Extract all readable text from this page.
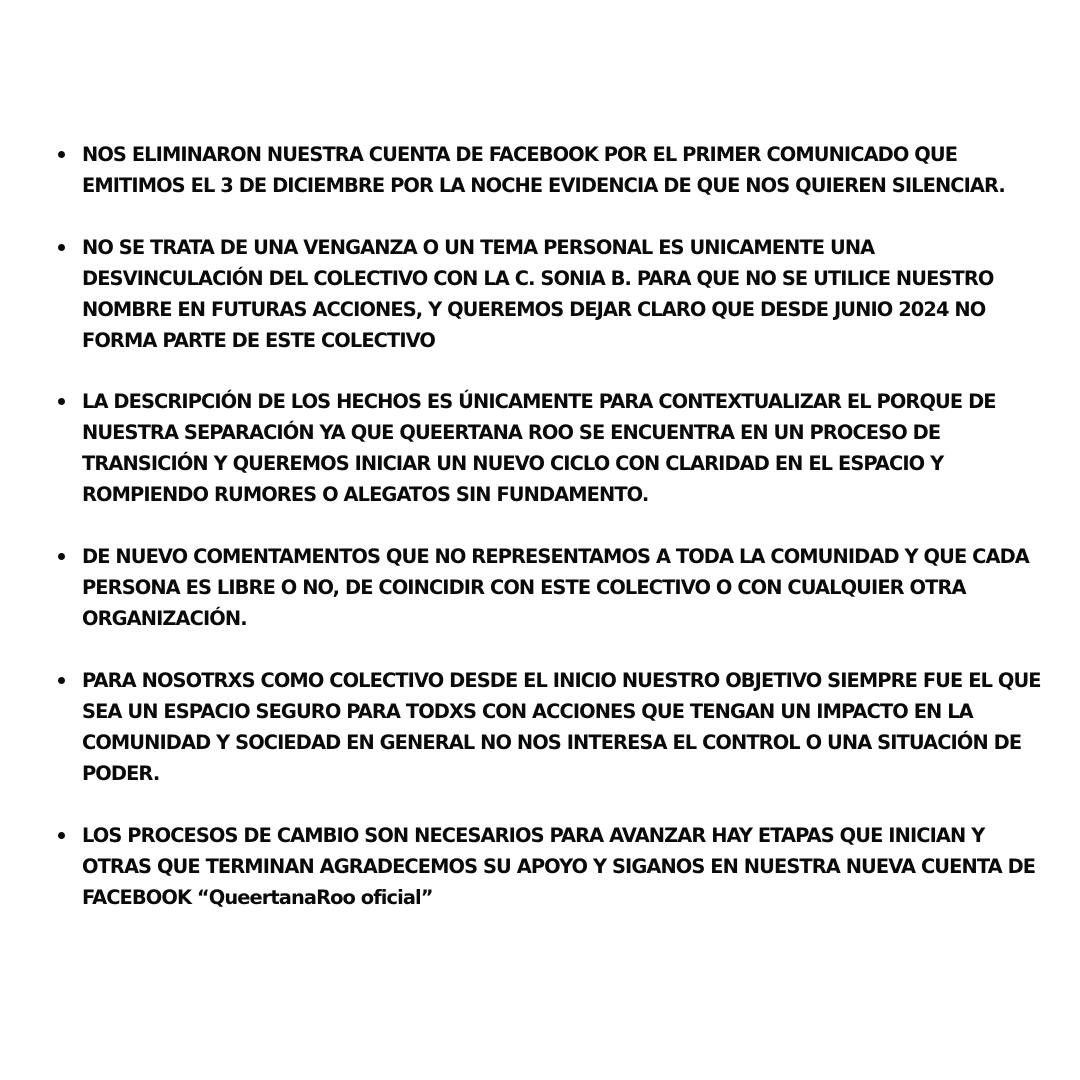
NOS ELIMINARON NUESTRA CUENTA DE FACEBOOK POR EL PRIMER COMUNICADO QUE EMITIMOS EL 3 DE DICIEMBRE POR LA NOCHE EVIDENCIA DE QUE NOS QUIEREN SILENCIAR.
NO SE TRATA DE UNA VENGANZA O UN TEMA PERSONAL ES UNICAMENTE UNA DESVINCULACIÓN DEL COLECTIVO CON LA C. SONIA B. PARA QUE NO SE UTILICE NUESTRO NOMBRE EN FUTURAS ACCIONES, Y QUEREMOS DEJAR CLARO QUE DESDE JUNIO 2024 NO FORMA PARTE DE ESTE COLECTIVO
LA DESCRIPCIÓN DE LOS HECHOS ES ÚNICAMENTE PARA CONTEXTUALIZAR EL PORQUE DE NUESTRA SEPARACIÓN YA QUE QUEERTANA ROO SE ENCUENTRA EN UN PROCESO DE TRANSICIÓN Y QUEREMOS INICIAR UN NUEVO CICLO CON CLARIDAD EN EL ESPACIO Y ROMPIENDO RUMORES O ALEGATOS SIN FUNDAMENTO.
DE NUEVO COMENTAMENTOS QUE NO REPRESENTAMOS A TODA LA COMUNIDAD Y QUE CADA PERSONA ES LIBRE O NO, DE COINCIDIR CON ESTE COLECTIVO O CON CUALQUIER OTRA ORGANIZACIÓN.
PARA NOSOTRXS COMO COLECTIVO DESDE EL INICIO NUESTRO OBJETIVO SIEMPRE FUE EL QUE SEA UN ESPACIO SEGURO PARA TODXS CON ACCIONES QUE TENGAN UN IMPACTO EN LA COMUNIDAD Y SOCIEDAD EN GENERAL NO NOS INTERESA EL CONTROL O UNA SITUACIÓN DE PODER.
LOS PROCESOS DE CAMBIO SON NECESARIOS PARA AVANZAR HAY ETAPAS QUE INICIAN Y OTRAS QUE TERMINAN AGRADECEMOS SU APOYO Y SIGANOS EN NUESTRA NUEVA CUENTA DE FACEBOOK “QueertanaRoo oficial”
